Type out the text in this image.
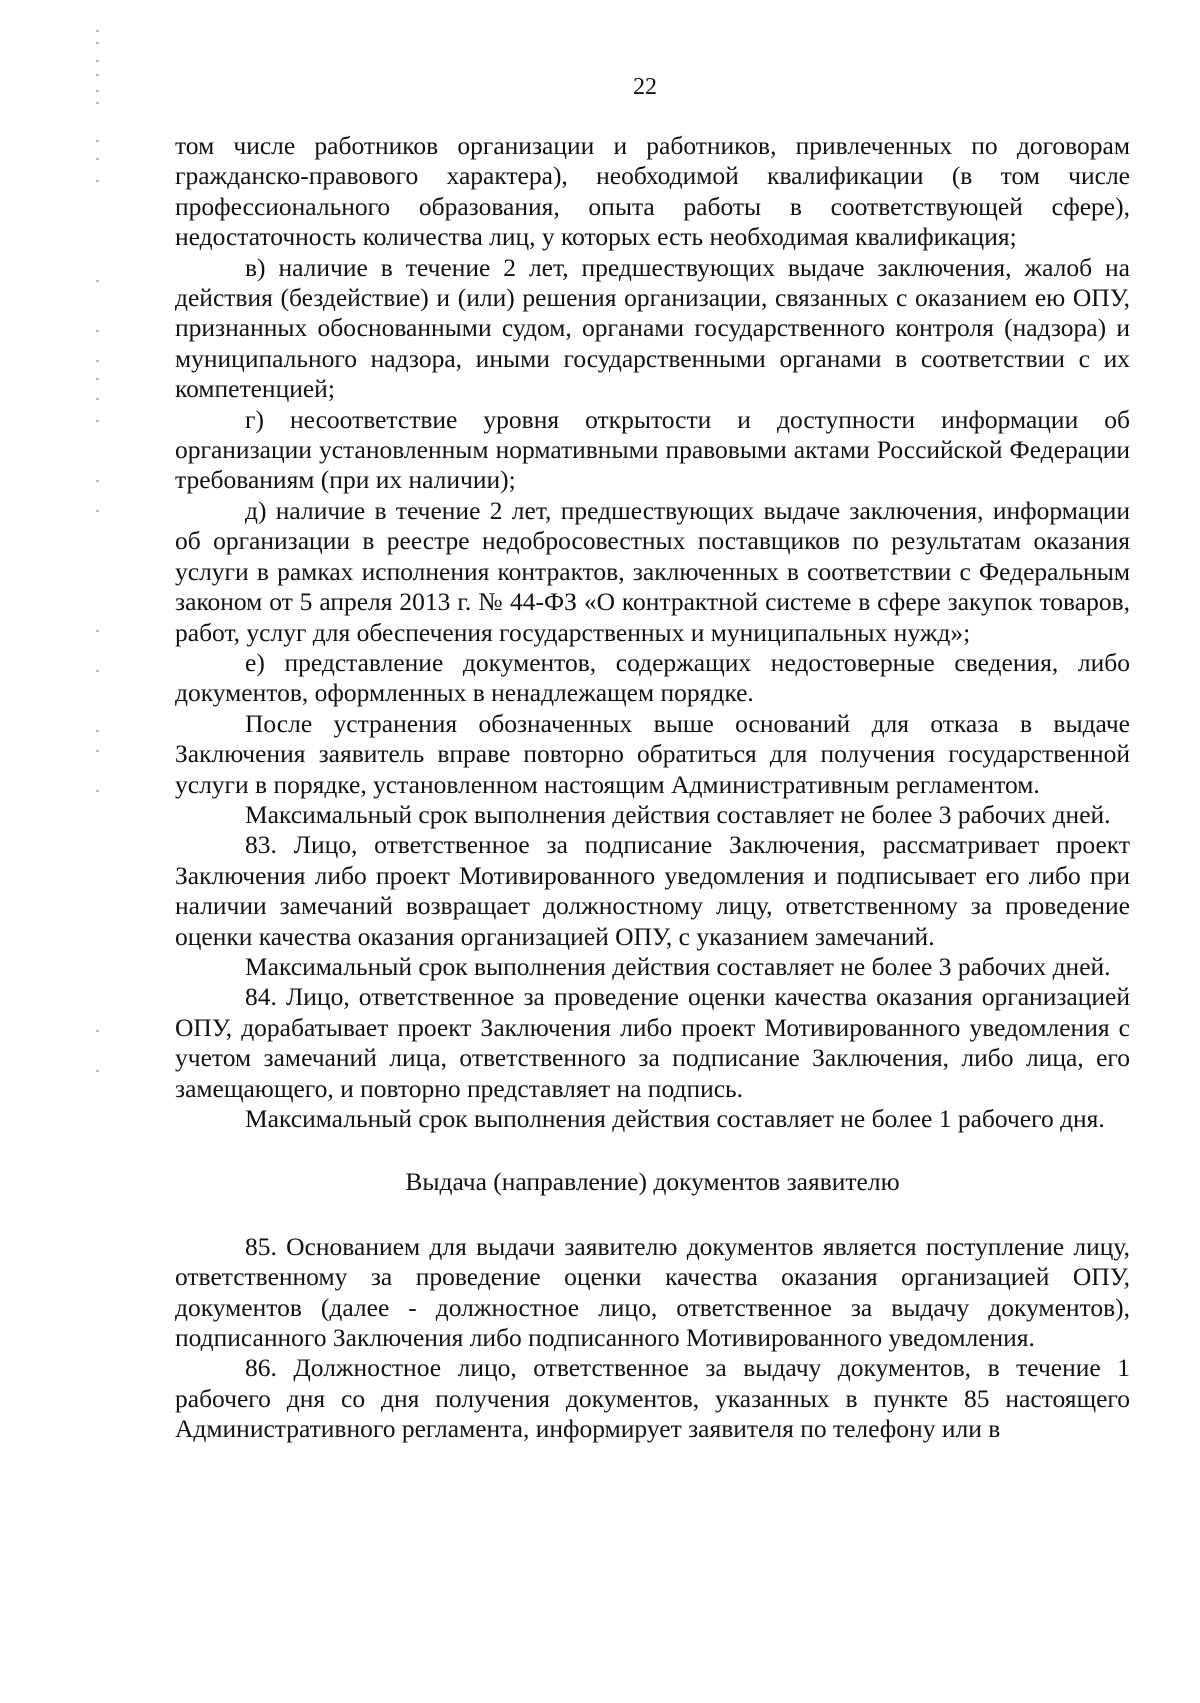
22

том числе работников организации и работников, привлеченных по договорам гражданско-правового характера), необходимой квалификации (в том числе профессионального образования, опыта работы в соответствующей сфере), недостаточность количества лиц, у которых есть необходимая квалификация;

в) наличие в течение 2 лет, предшествующих выдаче заключения, жалоб на действия (бездействие) и (или) решения организации, связанных с оказанием ею ОПУ, признанных обоснованными судом, органами государственного контроля (надзора) и муниципального надзора, иными государственными органами в соответствии с их компетенцией;

г) несоответствие уровня открытости и доступности информации об организации установленным нормативными правовыми актами Российской Федерации требованиям (при их наличии);

д) наличие в течение 2 лет, предшествующих выдаче заключения, информации об организации в реестре недобросовестных поставщиков по результатам оказания услуги в рамках исполнения контрактов, заключенных в соответствии с Федеральным законом от 5 апреля 2013 г. № 44-ФЗ «О контрактной системе в сфере закупок товаров, работ, услуг для обеспечения государственных и муниципальных нужд»;

е) представление документов, содержащих недостоверные сведения, либо документов, оформленных в ненадлежащем порядке.

После устранения обозначенных выше оснований для отказа в выдаче Заключения заявитель вправе повторно обратиться для получения государственной услуги в порядке, установленном настоящим Административным регламентом.

Максимальный срок выполнения действия составляет не более 3 рабочих дней.

83. Лицо, ответственное за подписание Заключения, рассматривает проект Заключения либо проект Мотивированного уведомления и подписывает его либо при наличии замечаний возвращает должностному лицу, ответственному за проведение оценки качества оказания организацией ОПУ, с указанием замечаний.

Максимальный срок выполнения действия составляет не более 3 рабочих дней.

84. Лицо, ответственное за проведение оценки качества оказания организацией ОПУ, дорабатывает проект Заключения либо проект Мотивированного уведомления с учетом замечаний лица, ответственного за подписание Заключения, либо лица, его замещающего, и повторно представляет на подпись.

Максимальный срок выполнения действия составляет не более 1 рабочего дня.

Выдача (направление) документов заявителю

85. Основанием для выдачи заявителю документов является поступление лицу, ответственному за проведение оценки качества оказания организацией ОПУ, документов (далее - должностное лицо, ответственное за выдачу документов), подписанного Заключения либо подписанного Мотивированного уведомления.

86. Должностное лицо, ответственное за выдачу документов, в течение 1 рабочего дня со дня получения документов, указанных в пункте 85 настоящего Административного регламента, информирует заявителя по телефону или в
